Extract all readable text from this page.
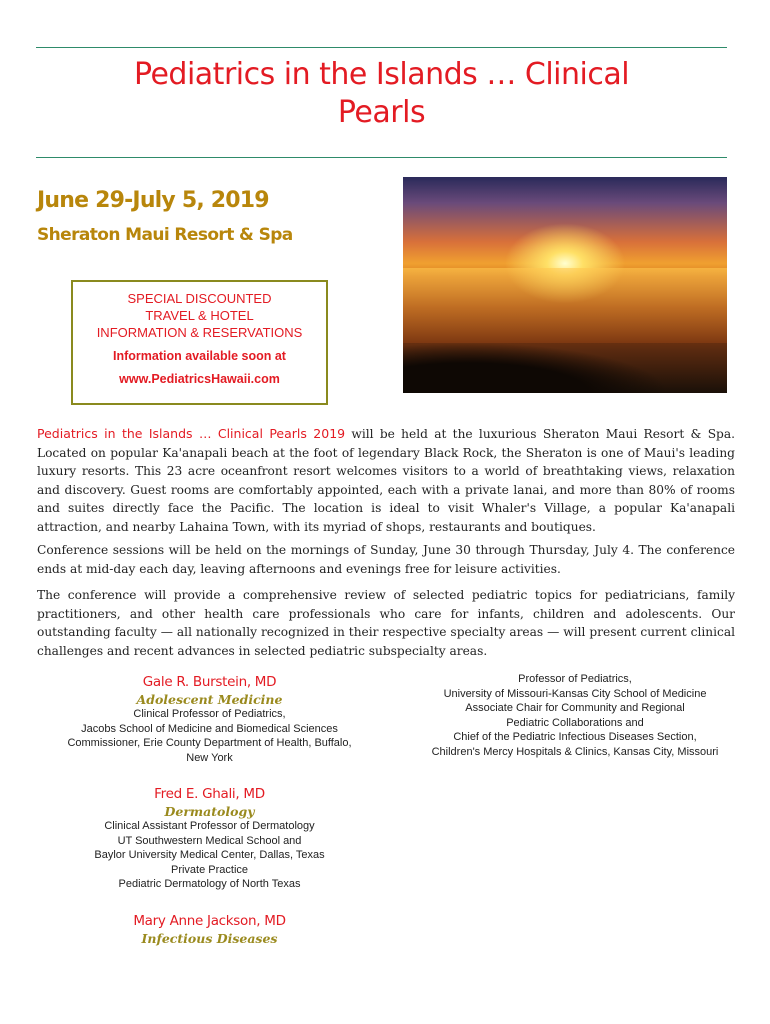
Pediatrics in the Islands … Clinical
Pearls
June 29-July 5, 2019
Sheraton Maui Resort & Spa
SPECIAL DISCOUNTED
TRAVEL & HOTEL
INFORMATION & RESERVATIONS
Information available soon at
www.PediatricsHawaii.com

Pediatrics in the Islands … Clinical Pearls 2019 will be held at the luxurious Sheraton Maui Resort & Spa. Located on popular Ka'anapali beach at the foot of legendary Black Rock, the Sheraton is one of Maui's leading luxury resorts. This 23 acre oceanfront resort welcomes visitors to a world of breathtaking views, relaxation and discovery. Guest rooms are comfortably appointed, each with a private lanai, and more than 80% of rooms and suites directly face the Pacific. The location is ideal to visit Whaler's Village, a popular Ka'anapali attraction, and nearby Lahaina Town, with its myriad of shops, restaurants and boutiques.

Conference sessions will be held on the mornings of Sunday, June 30 through Thursday, July 4. The conference ends at mid-day each day, leaving afternoons and evenings free for leisure activities.

The conference will provide a comprehensive review of selected pediatric topics for pediatricians, family practitioners, and other health care professionals who care for infants, children and adolescents. Our outstanding faculty — all nationally recognized in their respective specialty areas — will present current clinical challenges and recent advances in selected pediatric subspecialty areas.

Gale R. Burstein, MD
Adolescent Medicine
Clinical Professor of Pediatrics,
Jacobs School of Medicine and Biomedical Sciences
Commissioner, Erie County Department of Health, Buffalo,
New York
Fred E. Ghali, MD
Dermatology
Clinical Assistant Professor of Dermatology
UT Southwestern Medical School and
Baylor University Medical Center, Dallas, Texas
Private Practice
Pediatric Dermatology of North Texas
Mary Anne Jackson, MD
Infectious Diseases
Professor of Pediatrics,
University of Missouri-Kansas City School of Medicine
Associate Chair for Community and Regional
Pediatric Collaborations and
Chief of the Pediatric Infectious Diseases Section,
Children's Mercy Hospitals & Clinics, Kansas City, Missouri
